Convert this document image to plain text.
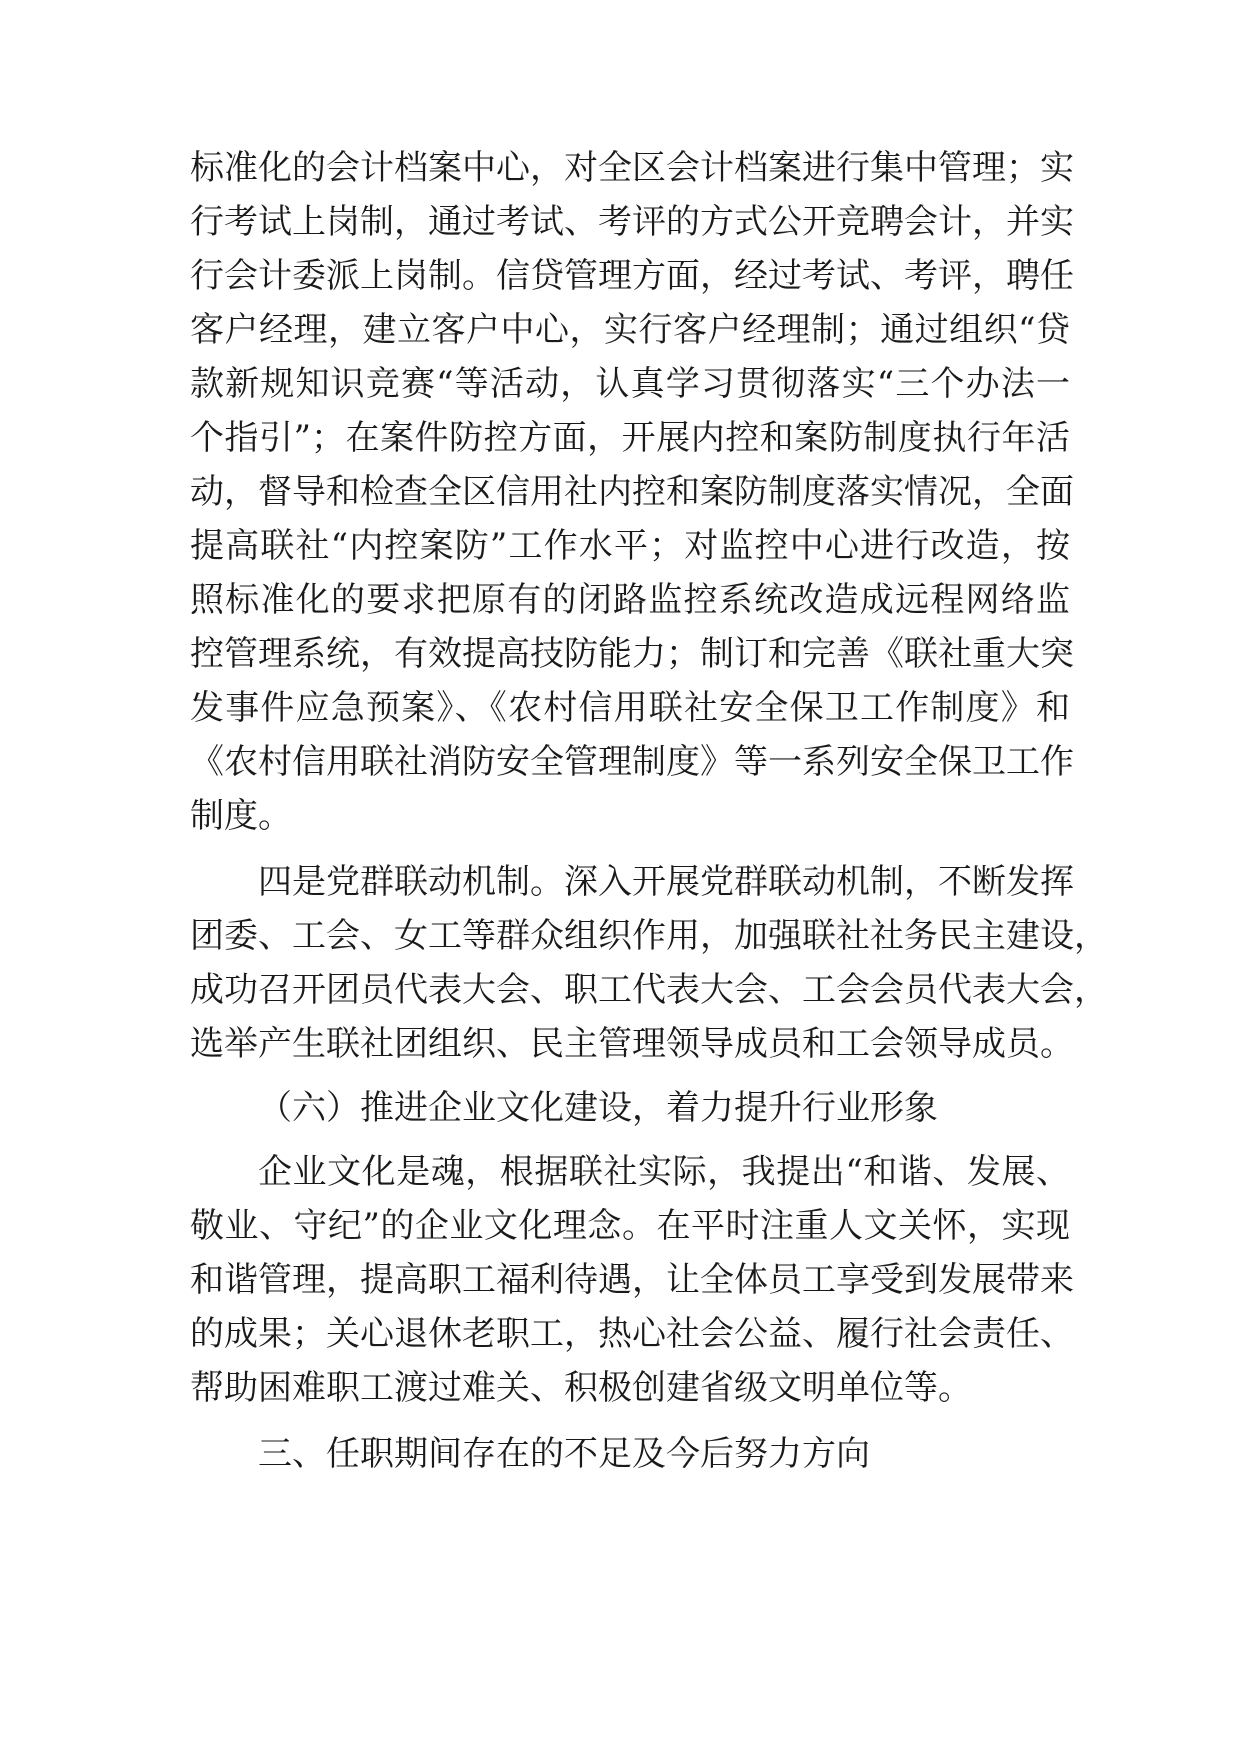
标准化的会计档案中心，对全区会计档案进行集中管理；实
行考试上岗制，通过考试、考评的方式公开竞聘会计，并实
行会计委派上岗制。信贷管理方面，经过考试、考评，聘任
客户经理，建立客户中心，实行客户经理制；通过组织“贷
款新规知识竞赛“等活动，认真学习贯彻落实“三个办法一
个指引”；在案件防控方面，开展内控和案防制度执行年活
动，督导和检查全区信用社内控和案防制度落实情况，全面
提高联社“内控案防”工作水平；对监控中心进行改造，按
照标准化的要求把原有的闭路监控系统改造成远程网络监
控管理系统，有效提高技防能力；制订和完善《联社重大突
发事件应急预案》、《农村信用联社安全保卫工作制度》和
《农村信用联社消防安全管理制度》等一系列安全保卫工作
制度。
四是党群联动机制。深入开展党群联动机制，不断发挥
团委、工会、女工等群众组织作用，加强联社社务民主建设，
成功召开团员代表大会、职工代表大会、工会会员代表大会，
选举产生联社团组织、民主管理领导成员和工会领导成员。
（六）推进企业文化建设，着力提升行业形象
企业文化是魂，根据联社实际，我提出“和谐、发展、
敬业、守纪”的企业文化理念。在平时注重人文关怀，实现
和谐管理，提高职工福利待遇，让全体员工享受到发展带来
的成果；关心退休老职工，热心社会公益、履行社会责任、
帮助困难职工渡过难关、积极创建省级文明单位等。
三、任职期间存在的不足及今后努力方向
